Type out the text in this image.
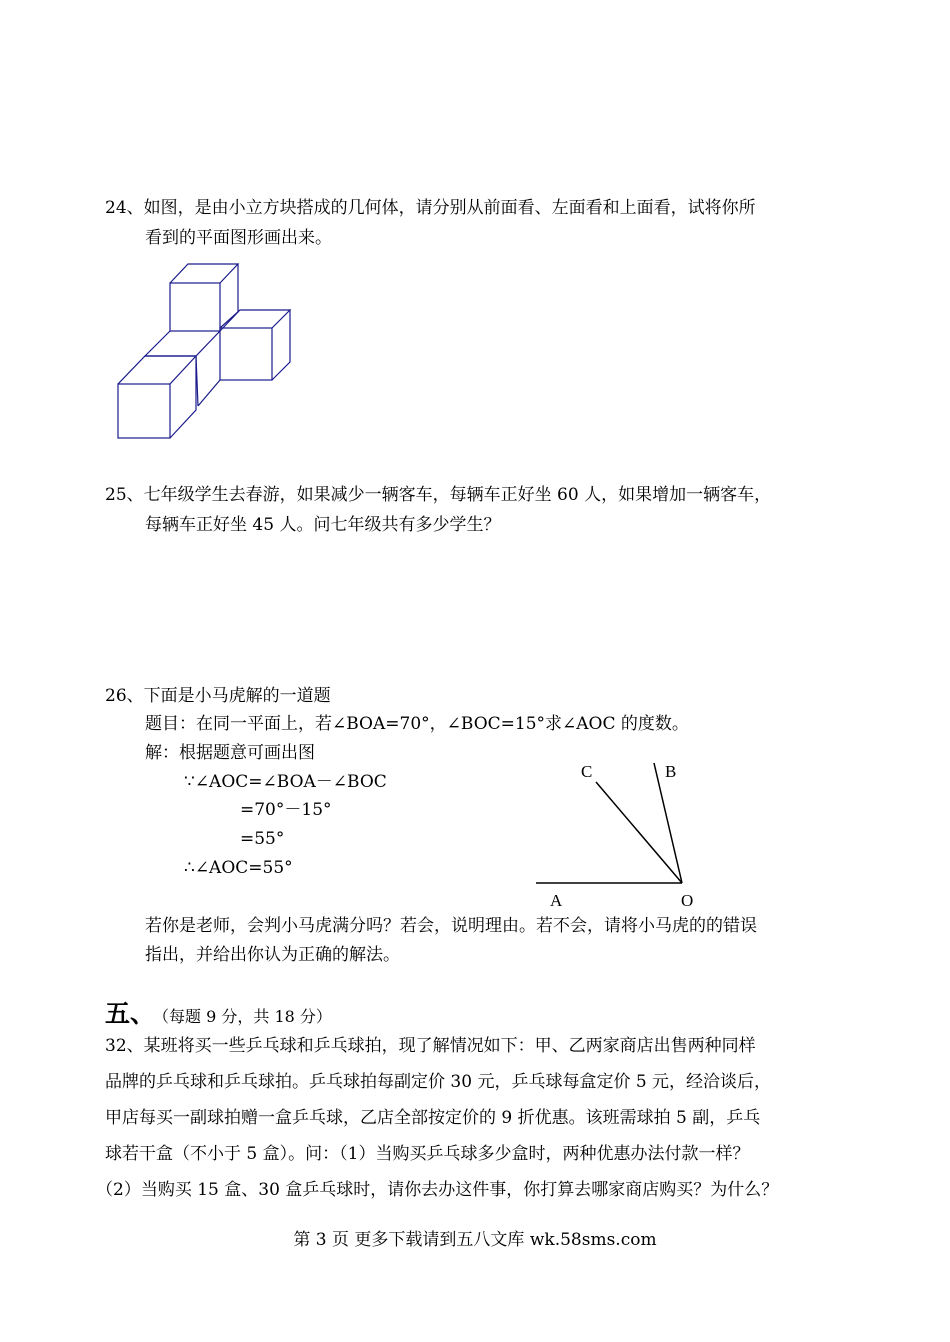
24、如图，是由小立方块搭成的几何体，请分别从前面看、左面看和上面看，试将你所
看到的平面图形画出来。
25、七年级学生去春游，如果减少一辆客车，每辆车正好坐 60 人，如果增加一辆客车，
每辆车正好坐 45 人。问七年级共有多少学生？
26、下面是小马虎解的一道题
题目：在同一平面上，若∠BOA=70°，∠BOC=15°求∠AOC 的度数。
解：根据题意可画出图
∵∠AOC=∠BOA－∠BOC
=70°－15°
=55°
∴∠AOC=55°
C	B
A	O
若你是老师，会判小马虎满分吗？若会，说明理由。若不会，请将小马虎的的错误
指出，并给出你认为正确的解法。
五、 （每题 9 分，共 18 分）
32、某班将买一些乒乓球和乒乓球拍，现了解情况如下：甲、乙两家商店出售两种同样
品牌的乒乓球和乒乓球拍。乒乓球拍每副定价 30 元，乒乓球每盒定价 5 元，经洽谈后，
甲店每买一副球拍赠一盒乒乓球，乙店全部按定价的 9 折优惠。该班需球拍 5 副，乒乓
球若干盒（不小于 5 盒）。问：（1）当购买乒乓球多少盒时，两种优惠办法付款一样？
（2）当购买 15 盒、30 盒乒乓球时，请你去办这件事，你打算去哪家商店购买？为什么？
第 3 页 更多下载请到五八文库 wk.58sms.com
